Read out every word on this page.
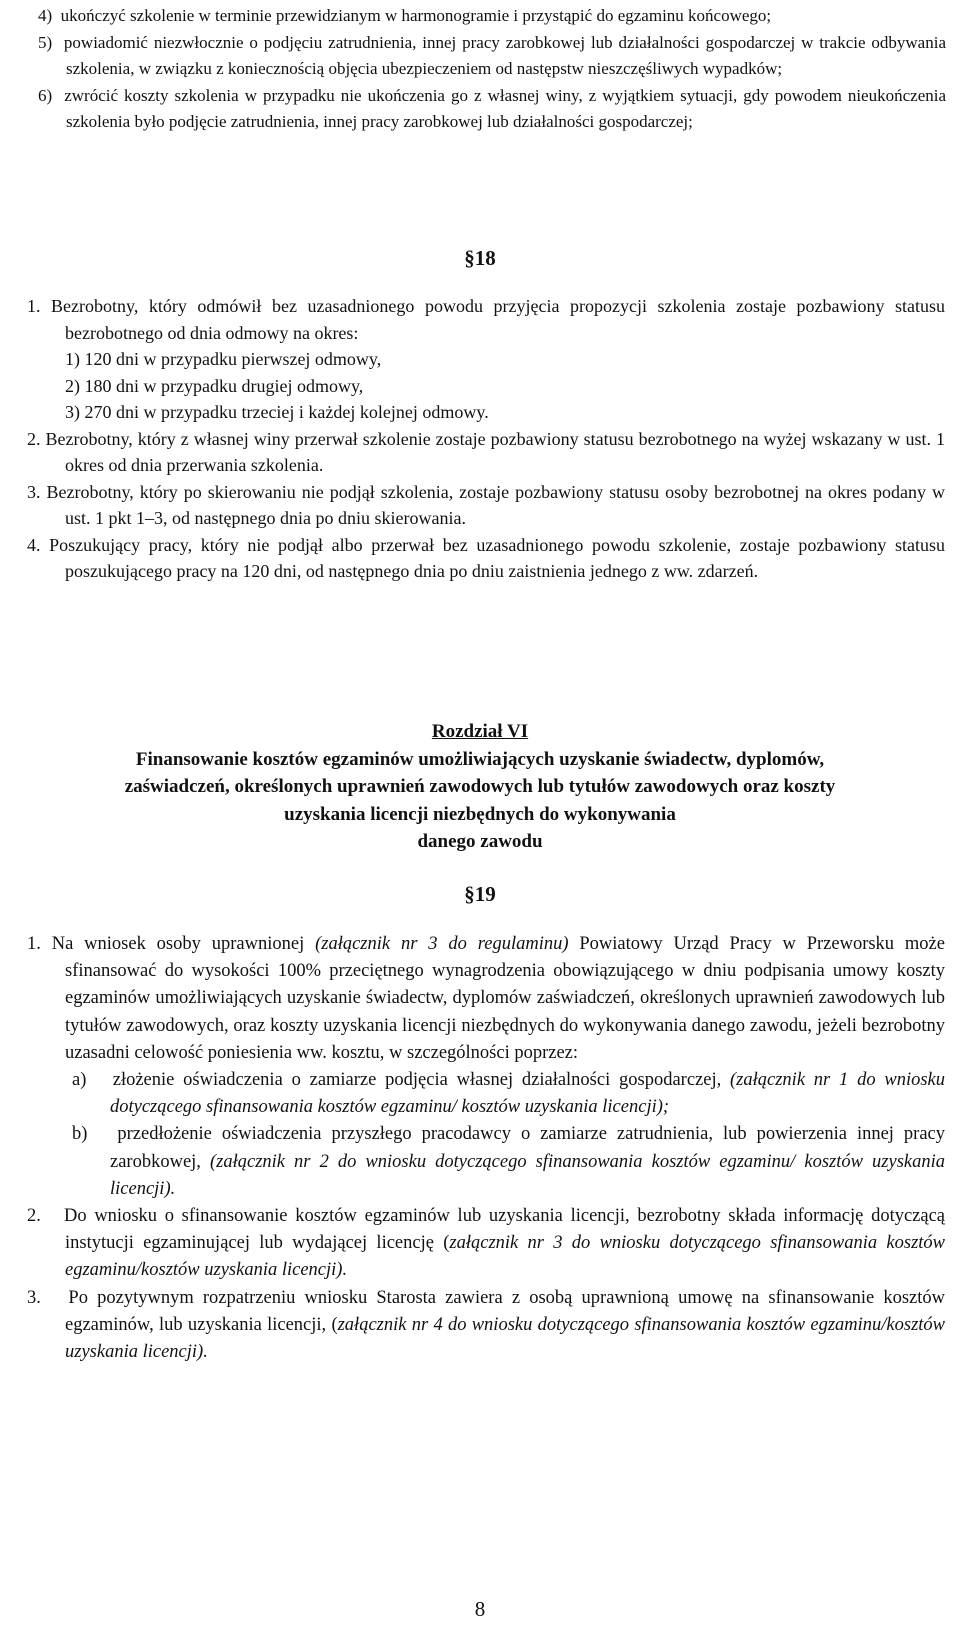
4) ukończyć szkolenie w terminie przewidzianym w harmonogramie i przystąpić do egzaminu końcowego;
5) powiadomić niezwłocznie o podjęciu zatrudnienia, innej pracy zarobkowej lub działalności gospodarczej w trakcie odbywania szkolenia, w związku z koniecznością objęcia ubezpieczeniem od następstw nieszczęśliwych wypadków;
6) zwrócić koszty szkolenia w przypadku nie ukończenia go z własnej winy, z wyjątkiem sytuacji, gdy powodem nieukończenia szkolenia było podjęcie zatrudnienia, innej pracy zarobkowej lub działalności gospodarczej;
§18
1. Bezrobotny, który odmówił bez uzasadnionego powodu przyjęcia propozycji szkolenia zostaje pozbawiony statusu bezrobotnego od dnia odmowy na okres:
1) 120 dni w przypadku pierwszej odmowy,
2) 180 dni w przypadku drugiej odmowy,
3) 270 dni w przypadku trzeciej i każdej kolejnej odmowy.
2. Bezrobotny, który z własnej winy przerwał szkolenie zostaje pozbawiony statusu bezrobotnego na wyżej wskazany w ust. 1 okres od dnia przerwania szkolenia.
3. Bezrobotny, który po skierowaniu nie podjął szkolenia, zostaje pozbawiony statusu osoby bezrobotnej na okres podany w ust. 1 pkt 1–3, od następnego dnia po dniu skierowania.
4. Poszukujący pracy, który nie podjął albo przerwał bez uzasadnionego powodu szkolenie, zostaje pozbawiony statusu poszukującego pracy na 120 dni, od następnego dnia po dniu zaistnienia jednego z ww. zdarzeń.
Rozdział VI
Finansowanie kosztów egzaminów umożliwiających uzyskanie świadectw, dyplomów,
zaświadczeń, określonych uprawnień zawodowych lub tytułów zawodowych oraz koszty
uzyskania licencji niezbędnych do wykonywania
danego zawodu
§19
1. Na wniosek osoby uprawnionej (załącznik nr 3 do regulaminu) Powiatowy Urząd Pracy w Przeworsku może sfinansować do wysokości 100% przeciętnego wynagrodzenia obowiązującego w dniu podpisania umowy koszty egzaminów umożliwiających uzyskanie świadectw, dyplomów zaświadczeń, określonych uprawnień zawodowych lub tytułów zawodowych, oraz koszty uzyskania licencji niezbędnych do wykonywania danego zawodu, jeżeli bezrobotny uzasadni celowość poniesienia ww. kosztu, w szczególności poprzez:
a) złożenie oświadczenia o zamiarze podjęcia własnej działalności gospodarczej, (załącznik nr 1 do wniosku dotyczącego sfinansowania kosztów egzaminu/ kosztów uzyskania licencji);
b) przedłożenie oświadczenia przyszłego pracodawcy o zamiarze zatrudnienia, lub powierzenia innej pracy zarobkowej, (załącznik nr 2 do wniosku dotyczącego sfinansowania kosztów egzaminu/ kosztów uzyskania licencji).
2. Do wniosku o sfinansowanie kosztów egzaminów lub uzyskania licencji, bezrobotny składa informację dotyczącą instytucji egzaminującej lub wydającej licencję (załącznik nr 3 do wniosku dotyczącego sfinansowania kosztów egzaminu/kosztów uzyskania licencji).
3. Po pozytywnym rozpatrzeniu wniosku Starosta zawiera z osobą uprawnioną umowę na sfinansowanie kosztów egzaminów, lub uzyskania licencji, (załącznik nr 4 do wniosku dotyczącego sfinansowania kosztów egzaminu/kosztów uzyskania licencji).
8
